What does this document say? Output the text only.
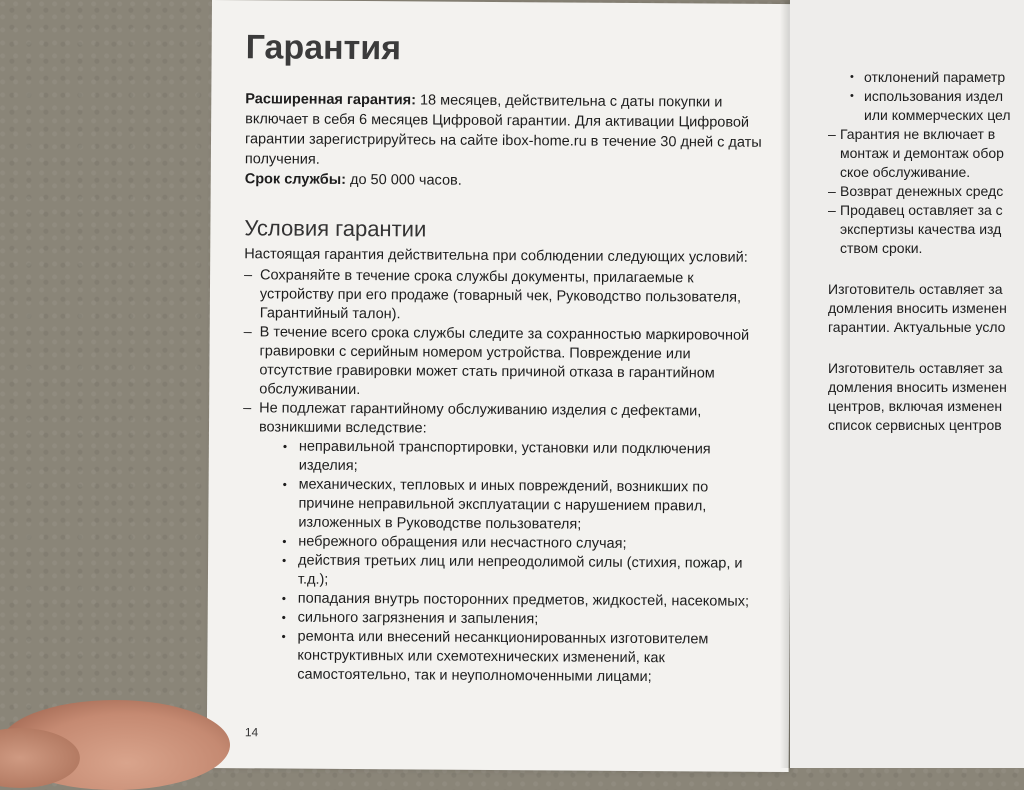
Гарантия
Расширенная гарантия: 18 месяцев, действительна с даты покупки и включает в себя 6 месяцев Цифровой гарантии. Для активации Цифровой гарантии зарегистрируйтесь на сайте ibox-home.ru в течение 30 дней с даты получения.
Срок службы: до 50 000 часов.
Условия гарантии
Настоящая гарантия действительна при соблюдении следующих условий:
– Сохраняйте в течение срока службы документы, прилагаемые к устройству при его продаже (товарный чек, Руководство пользователя, Гарантийный талон).
– В течение всего срока службы следите за сохранностью маркировочной гравировки с серийным номером устройства. Повреждение или отсутствие гравировки может стать причиной отказа в гарантийном обслуживании.
– Не подлежат гарантийному обслуживанию изделия с дефектами, возникшими вследствие:
• неправильной транспортировки, установки или подключения изделия;
• механических, тепловых и иных повреждений, возникших по причине неправильной эксплуатации с нарушением правил, изложенных в Руководстве пользователя;
• небрежного обращения или несчастного случая;
• действия третьих лиц или непреодолимой силы (стихия, пожар, и т.д.);
• попадания внутрь посторонних предметов, жидкостей, насекомых;
• сильного загрязнения и запыления;
• ремонта или внесений несанкционированных изготовителем конструктивных или схемотехнических изменений, как самостоятельно, так и неуполномоченными лицами;
14
• отклонений параметр
• использования издел
или коммерческих цел
– Гарантия не включает в
монтаж и демонтаж обор
ское обслуживание.
– Возврат денежных средс
– Продавец оставляет за с
экспертизы качества изд
ством сроки.
Изготовитель оставляет за
домления вносить изменен
гарантии. Актуальные усло
Изготовитель оставляет за
домления вносить изменен
центров, включая изменен
список сервисных центров
